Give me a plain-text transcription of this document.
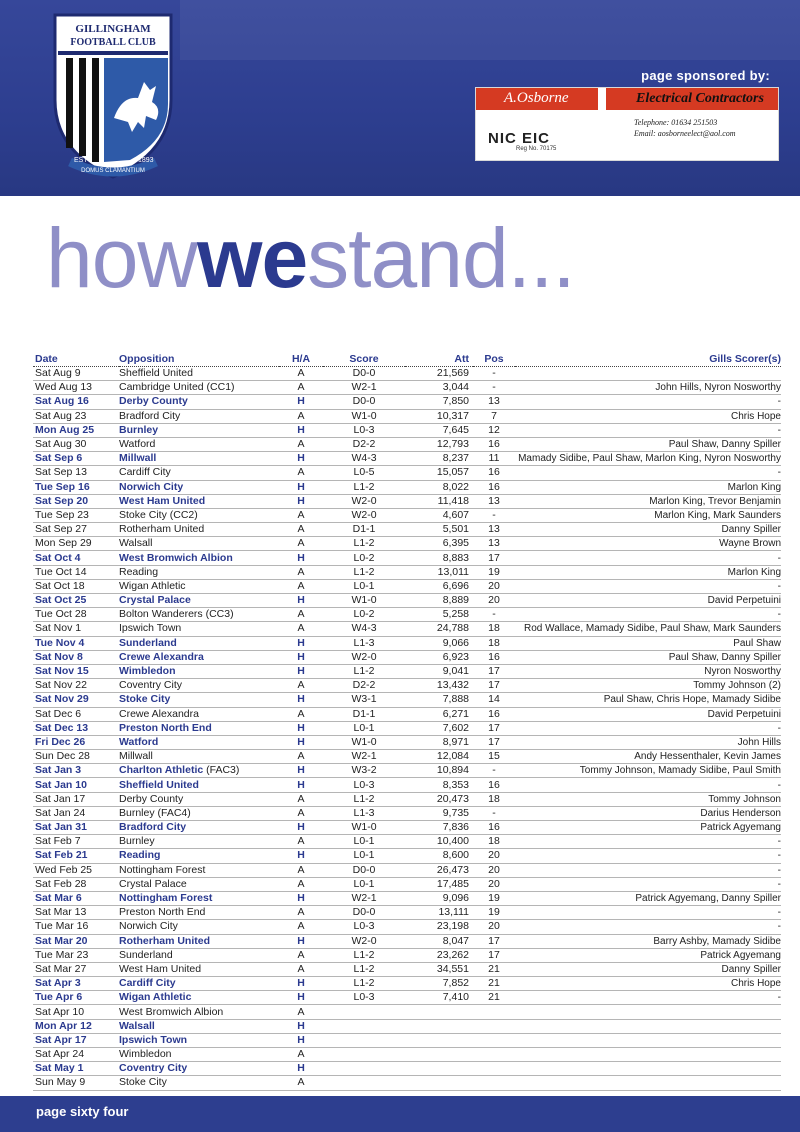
GILLINGHAM
FOOTBALL CLUB
EST	1893
DOMUS CLAMANTIUM
page sponsored by:
A.Osborne	Electrical Contractors
Telephone: 01634 251503
Email: aosborneelect@aol.com
NIC EIC
Reg No. 70175
howwestand...
Date	Opposition	H/A	Score	Att	Pos	Gills Scorer(s)
Sat Aug 9	Sheffield United	A	D0-0	21,569	-	
Wed Aug 13	Cambridge United (CC1)	A	W2-1	3,044	-	John Hills, Nyron Nosworthy
Sat Aug 16	Derby County	H	D0-0	7,850	13	-
Sat Aug 23	Bradford City	A	W1-0	10,317	7	Chris Hope
Mon Aug 25	Burnley	H	L0-3	7,645	12	-
Sat Aug 30	Watford	A	D2-2	12,793	16	Paul Shaw, Danny Spiller
Sat Sep 6	Millwall	H	W4-3	8,237	11	Mamady Sidibe, Paul Shaw, Marlon King, Nyron Nosworthy
Sat Sep 13	Cardiff City	A	L0-5	15,057	16	-
Tue Sep 16	Norwich City	H	L1-2	8,022	16	Marlon King
Sat Sep 20	West Ham United	H	W2-0	11,418	13	Marlon King, Trevor Benjamin
Tue Sep 23	Stoke City (CC2)	A	W2-0	4,607	-	Marlon King, Mark Saunders
Sat Sep 27	Rotherham United	A	D1-1	5,501	13	Danny Spiller
Mon Sep 29	Walsall	A	L1-2	6,395	13	Wayne Brown
Sat Oct 4	West Bromwich Albion	H	L0-2	8,883	17	-
Tue Oct 14	Reading	A	L1-2	13,011	19	Marlon King
Sat Oct 18	Wigan Athletic	A	L0-1	6,696	20	-
Sat Oct 25	Crystal Palace	H	W1-0	8,889	20	David Perpetuini
Tue Oct 28	Bolton Wanderers (CC3)	A	L0-2	5,258	-	-
Sat Nov 1	Ipswich Town	A	W4-3	24,788	18	Rod Wallace, Mamady Sidibe, Paul Shaw, Mark Saunders
Tue Nov 4	Sunderland	H	L1-3	9,066	18	Paul Shaw
Sat Nov 8	Crewe Alexandra	H	W2-0	6,923	16	Paul Shaw, Danny Spiller
Sat Nov 15	Wimbledon	H	L1-2	9,041	17	Nyron Nosworthy
Sat Nov 22	Coventry City	A	D2-2	13,432	17	Tommy Johnson (2)
Sat Nov 29	Stoke City	H	W3-1	7,888	14	Paul Shaw, Chris Hope, Mamady Sidibe
Sat Dec 6	Crewe Alexandra	A	D1-1	6,271	16	David Perpetuini
Sat Dec 13	Preston North End	H	L0-1	7,602	17	-
Fri Dec 26	Watford	H	W1-0	8,971	17	John Hills
Sun Dec 28	Millwall	A	W2-1	12,084	15	Andy Hessenthaler, Kevin James
Sat Jan 3	Charlton Athletic (FAC3)	H	W3-2	10,894	-	Tommy Johnson, Mamady Sidibe, Paul Smith
Sat Jan 10	Sheffield United	H	L0-3	8,353	16	-
Sat Jan 17	Derby County	A	L1-2	20,473	18	Tommy Johnson
Sat Jan 24	Burnley (FAC4)	A	L1-3	9,735	-	Darius Henderson
Sat Jan 31	Bradford City	H	W1-0	7,836	16	Patrick Agyemang
Sat Feb 7	Burnley	A	L0-1	10,400	18	-
Sat Feb 21	Reading	H	L0-1	8,600	20	-
Wed Feb 25	Nottingham Forest	A	D0-0	26,473	20	-
Sat Feb 28	Crystal Palace	A	L0-1	17,485	20	-
Sat Mar 6	Nottingham Forest	H	W2-1	9,096	19	Patrick Agyemang, Danny Spiller
Sat Mar 13	Preston North End	A	D0-0	13,111	19	-
Tue Mar 16	Norwich City	A	L0-3	23,198	20	-
Sat Mar 20	Rotherham United	H	W2-0	8,047	17	Barry Ashby, Mamady Sidibe
Tue Mar 23	Sunderland	A	L1-2	23,262	17	Patrick Agyemang
Sat Mar 27	West Ham United	A	L1-2	34,551	21	Danny Spiller
Sat Apr 3	Cardiff City	H	L1-2	7,852	21	Chris Hope
Tue Apr 6	Wigan Athletic	H	L0-3	7,410	21	-
Sat Apr 10	West Bromwich Albion	A				
Mon Apr 12	Walsall	H				
Sat Apr 17	Ipswich Town	H				
Sat Apr 24	Wimbledon	A				
Sat May 1	Coventry City	H				
Sun May 9	Stoke City	A				
page sixty four
